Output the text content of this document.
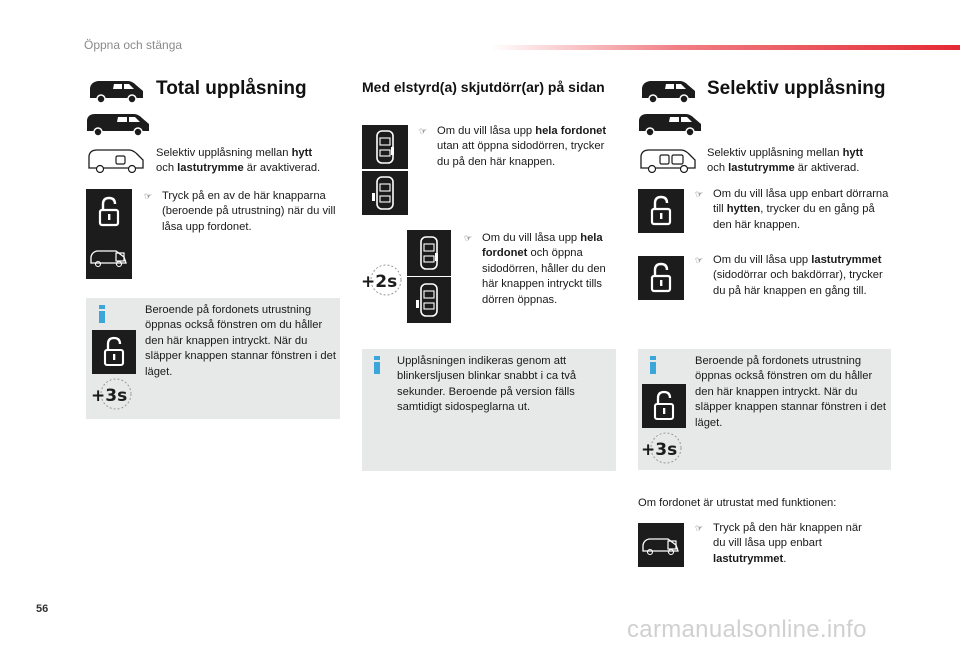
Öppna och stänga
Total upplåsning
Selektiv upplåsning mellan hytt
och lastutrymme är avaktiverad.
☞ Tryck på en av de här knapparna (beroende på utrustning) när du vill låsa upp fordonet.
+3s
Beroende på fordonets utrustning öppnas också fönstren om du håller den här knappen intryckt. När du släpper knappen stannar fönstren i det läget.
Med elstyrd(a) skjutdörr(ar) på sidan
☞ Om du vill låsa upp hela fordonet utan att öppna sidodörren, trycker du på den här knappen.
+2s
☞ Om du vill låsa upp hela fordonet och öppna sidodörren, håller du den här knappen intryckt tills dörren öppnas.
Upplåsningen indikeras genom att blinkersljusen blinkar snabbt i ca två sekunder. Beroende på version fälls samtidigt sidospeglarna ut.
Selektiv upplåsning
Selektiv upplåsning mellan hytt
och lastutrymme är aktiverad.
☞ Om du vill låsa upp enbart dörrarna till hytten, trycker du en gång på den här knappen.
☞ Om du vill låsa upp lastutrymmet (sidodörrar och bakdörrar), trycker du på här knappen en gång till.
+3s
Beroende på fordonets utrustning öppnas också fönstren om du håller den här knappen intryckt. När du släpper knappen stannar fönstren i det läget.
Om fordonet är utrustat med funktionen:
☞ Tryck på den här knappen när du vill låsa upp enbart lastutrymmet.
56
carmanualsonline.info
